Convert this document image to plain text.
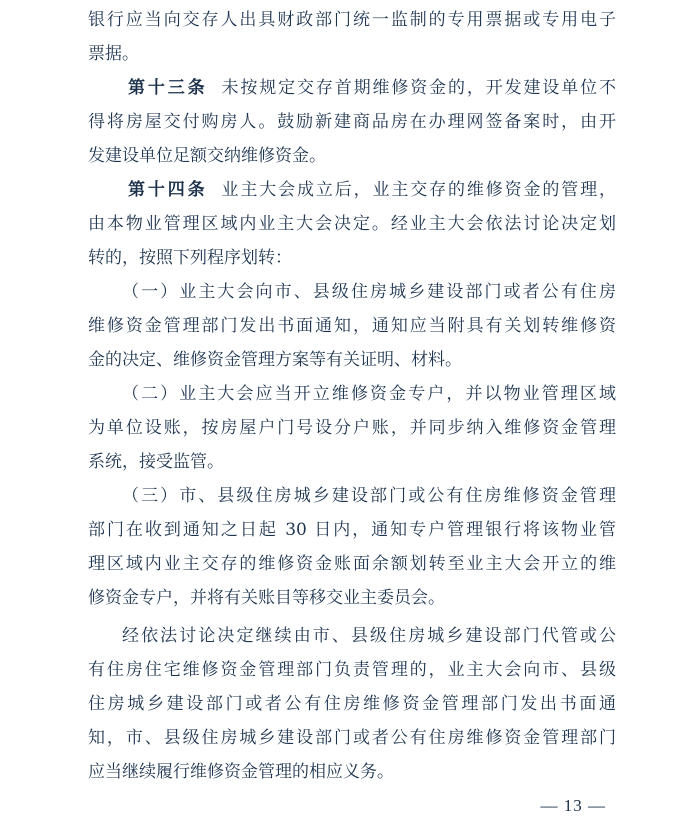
银行应当向交存人出具财政部门统一监制的专用票据或专用电子
票据。
第十三条 未按规定交存首期维修资金的，开发建设单位不
得将房屋交付购房人。鼓励新建商品房在办理网签备案时，由开
发建设单位足额交纳维修资金。
第十四条 业主大会成立后，业主交存的维修资金的管理，
由本物业管理区域内业主大会决定。经业主大会依法讨论决定划
转的，按照下列程序划转：
（一）业主大会向市、县级住房城乡建设部门或者公有住房
维修资金管理部门发出书面通知，通知应当附具有关划转维修资
金的决定、维修资金管理方案等有关证明、材料。
（二）业主大会应当开立维修资金专户，并以物业管理区域
为单位设账，按房屋户门号设分户账，并同步纳入维修资金管理
系统，接受监管。
（三）市、县级住房城乡建设部门或公有住房维修资金管理
部门在收到通知之日起 30 日内，通知专户管理银行将该物业管
理区域内业主交存的维修资金账面余额划转至业主大会开立的维
修资金专户，并将有关账目等移交业主委员会。
经依法讨论决定继续由市、县级住房城乡建设部门代管或公
有住房住宅维修资金管理部门负责管理的，业主大会向市、县级
住房城乡建设部门或者公有住房维修资金管理部门发出书面通
知，市、县级住房城乡建设部门或者公有住房维修资金管理部门
应当继续履行维修资金管理的相应义务。
— 13 —
